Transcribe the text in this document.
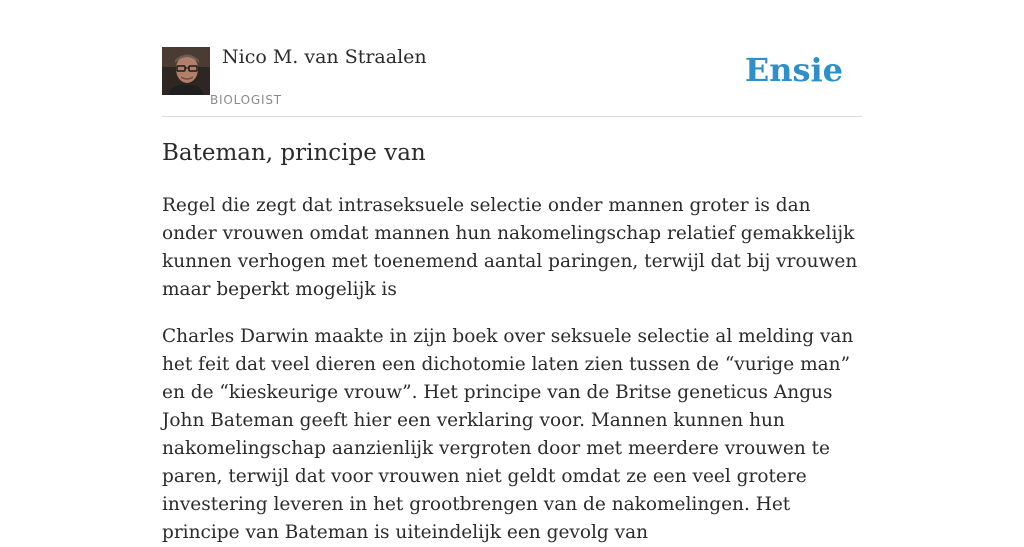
Nico M. van Straalen
BIOLOGIST
Ensie
Bateman, principe van

Regel die zegt dat intraseksuele selectie onder mannen groter is dan onder vrouwen omdat mannen hun nakomelingschap relatief gemakkelijk kunnen verhogen met toenemend aantal paringen, terwijl dat bij vrouwen maar beperkt mogelijk is

Charles Darwin maakte in zijn boek over seksuele selectie al melding van het feit dat veel dieren een dichotomie laten zien tussen de “vurige man” en de “kieskeurige vrouw”. Het principe van de Britse geneticus Angus John Bateman geeft hier een verklaring voor. Mannen kunnen hun nakomelingschap aanzienlijk vergroten door met meerdere vrouwen te paren, terwijl dat voor vrouwen niet geldt omdat ze een veel grotere investering leveren in het grootbrengen van de nakomelingen. Het principe van Bateman is uiteindelijk een gevolg van
